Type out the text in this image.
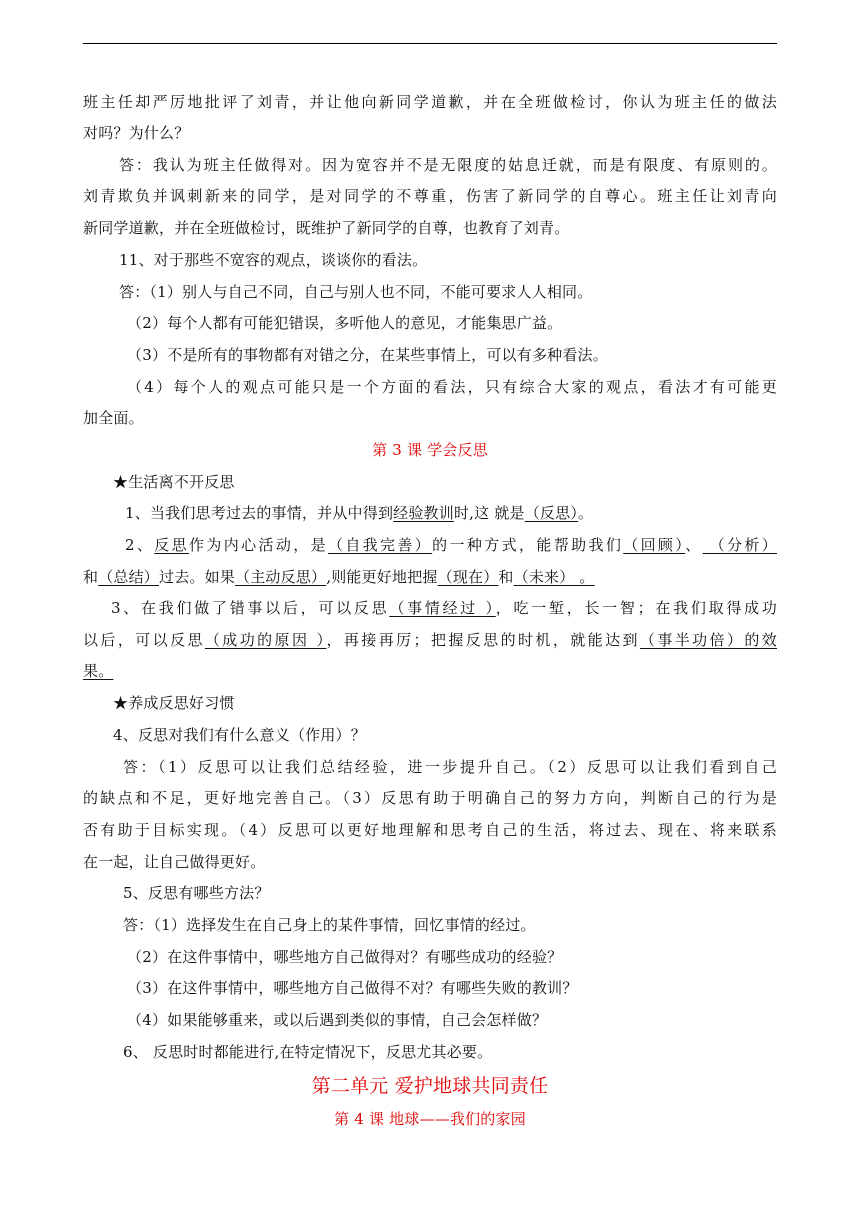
班主任却严厉地批评了刘青，并让他向新同学道歉，并在全班做检讨，你认为班主任的做法
对吗？为什么？
答：我认为班主任做得对。因为宽容并不是无限度的姑息迁就，而是有限度、有原则的。
刘青欺负并讽刺新来的同学，是对同学的不尊重，伤害了新同学的自尊心。班主任让刘青向
新同学道歉，并在全班做检讨，既维护了新同学的自尊，也教育了刘青。
11、对于那些不宽容的观点，谈谈你的看法。
答：（1）别人与自己不同，自己与别人也不同，不能可要求人人相同。
（2）每个人都有可能犯错误，多听他人的意见，才能集思广益。
（3）不是所有的事物都有对错之分，在某些事情上，可以有多种看法。
（4）每个人的观点可能只是一个方面的看法，只有综合大家的观点，看法才有可能更
加全面。
第 3 课 学会反思
★生活离不开反思
1、当我们思考过去的事情，并从中得到经验教训时,这 就是（反思）。
2、反思作为内心活动，是（自我完善）的一种方式，能帮助我们（回顾）、 （分析）
和（总结）过去。如果（主动反思）,则能更好地把握（现在）和（未来） 。
3、在我们做了错事以后，可以反思（事情经过 ），吃一堑，长一智；在我们取得成功
以后，可以反思（成功的原因 ），再接再厉；把握反思的时机，就能达到（事半功倍）的效
果。
★养成反思好习惯
4、反思对我们有什么意义（作用）？
答：（1）反思可以让我们总结经验，进一步提升自己。（2）反思可以让我们看到自己
的缺点和不足，更好地完善自己。（3）反思有助于明确自己的努力方向，判断自己的行为是
否有助于目标实现。（4）反思可以更好地理解和思考自己的生活，将过去、现在、将来联系
在一起，让自己做得更好。
5、反思有哪些方法？
答：（1）选择发生在自己身上的某件事情，回忆事情的经过。
（2）在这件事情中，哪些地方自己做得对？有哪些成功的经验？
（3）在这件事情中，哪些地方自己做得不对？有哪些失败的教训？
（4）如果能够重来，或以后遇到类似的事情，自己会怎样做？
6、 反思时时都能进行,在特定情况下，反思尤其必要。
第二单元 爱护地球共同责任
第 4 课 地球——我们的家园
